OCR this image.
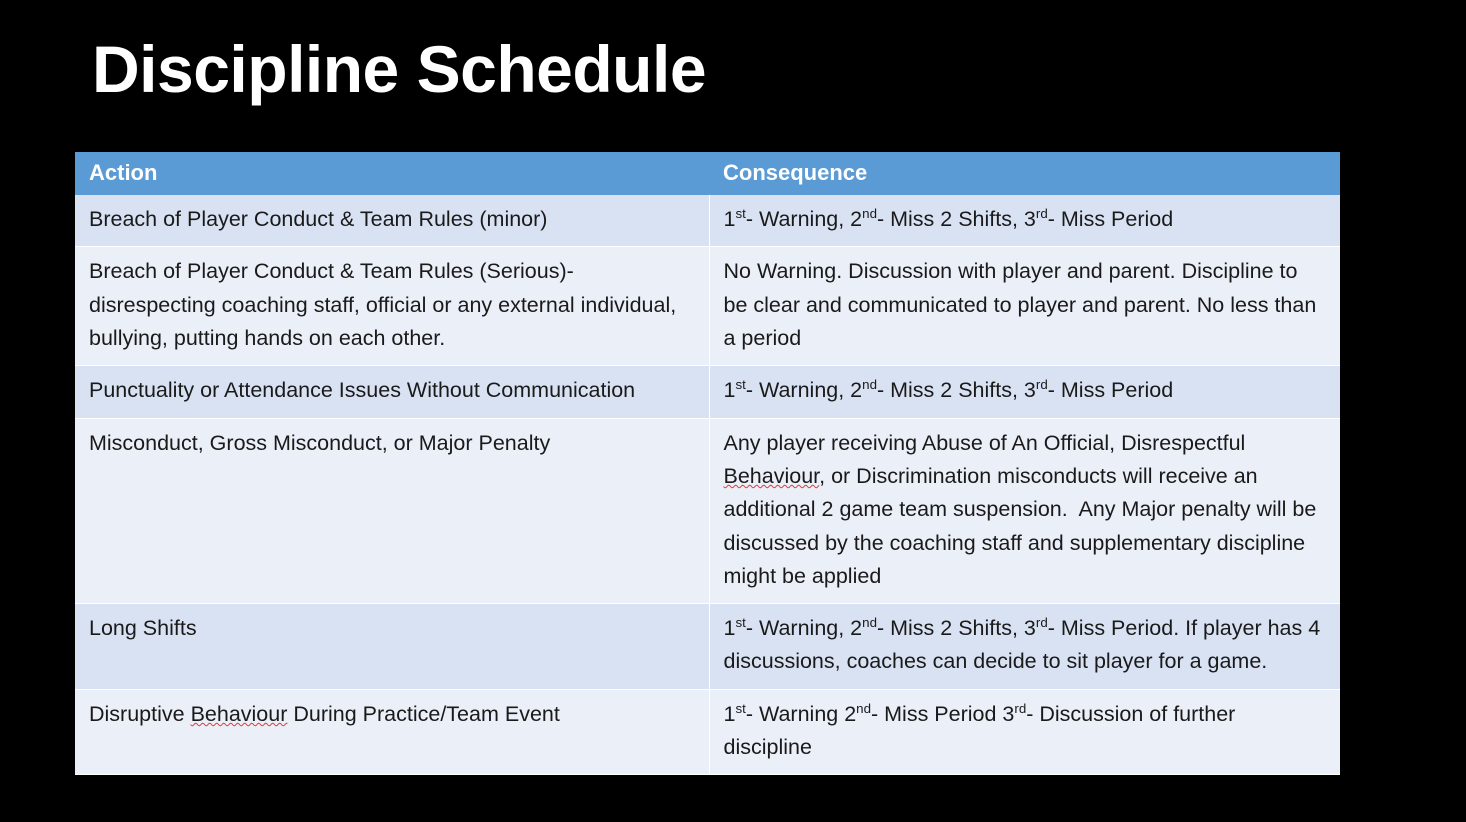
Discipline Schedule
Action	Consequence
Breach of Player Conduct & Team Rules (minor)	1st- Warning, 2nd- Miss 2 Shifts, 3rd- Miss Period
Breach of Player Conduct & Team Rules (Serious)- disrespecting coaching staff, official or any external individual, bullying, putting hands on each other.	No Warning. Discussion with player and parent. Discipline to be clear and communicated to player and parent. No less than a period
Punctuality or Attendance Issues Without Communication	1st- Warning, 2nd- Miss 2 Shifts, 3rd- Miss Period
Misconduct, Gross Misconduct, or Major Penalty	Any player receiving Abuse of An Official, Disrespectful Behaviour, or Discrimination misconducts will receive an additional 2 game team suspension.  Any Major penalty will be discussed by the coaching staff and supplementary discipline might be applied
Long Shifts	1st- Warning, 2nd- Miss 2 Shifts, 3rd- Miss Period. If player has 4 discussions, coaches can decide to sit player for a game.
Disruptive Behaviour During Practice/Team Event	1st- Warning 2nd- Miss Period 3rd- Discussion of further discipline
